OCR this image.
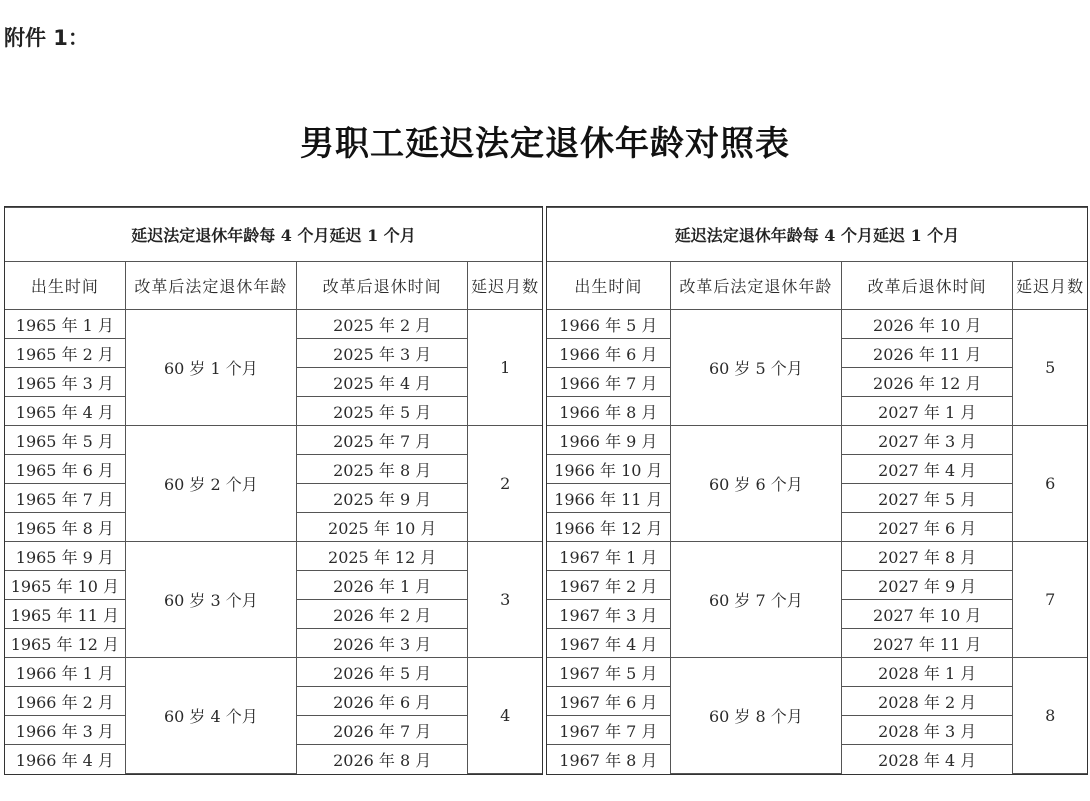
附件 1：
男职工延迟法定退休年龄对照表
延迟法定退休年龄每 4 个月延迟 1 个月			
出生时间	改革后法定退休年龄	改革后退休时间	延迟月数
1965 年 1 月	60 岁 1 个月	2025 年 2 月	1
1965 年 2 月		2025 年 3 月	
1965 年 3 月		2025 年 4 月	
1965 年 4 月		2025 年 5 月	
1965 年 5 月	60 岁 2 个月	2025 年 7 月	2
1965 年 6 月		2025 年 8 月	
1965 年 7 月		2025 年 9 月	
1965 年 8 月		2025 年 10 月	
1965 年 9 月	60 岁 3 个月	2025 年 12 月	3
1965 年 10 月		2026 年 1 月	
1965 年 11 月		2026 年 2 月	
1965 年 12 月		2026 年 3 月	
1966 年 1 月	60 岁 4 个月	2026 年 5 月	4
1966 年 2 月		2026 年 6 月	
1966 年 3 月		2026 年 7 月	
1966 年 4 月		2026 年 8 月	
延迟法定退休年龄每 4 个月延迟 1 个月			
出生时间	改革后法定退休年龄	改革后退休时间	延迟月数
1966 年 5 月	60 岁 5 个月	2026 年 10 月	5
1966 年 6 月		2026 年 11 月	
1966 年 7 月		2026 年 12 月	
1966 年 8 月		2027 年 1 月	
1966 年 9 月	60 岁 6 个月	2027 年 3 月	6
1966 年 10 月		2027 年 4 月	
1966 年 11 月		2027 年 5 月	
1966 年 12 月		2027 年 6 月	
1967 年 1 月	60 岁 7 个月	2027 年 8 月	7
1967 年 2 月		2027 年 9 月	
1967 年 3 月		2027 年 10 月	
1967 年 4 月		2027 年 11 月	
1967 年 5 月	60 岁 8 个月	2028 年 1 月	8
1967 年 6 月		2028 年 2 月	
1967 年 7 月		2028 年 3 月	
1967 年 8 月		2028 年 4 月	
